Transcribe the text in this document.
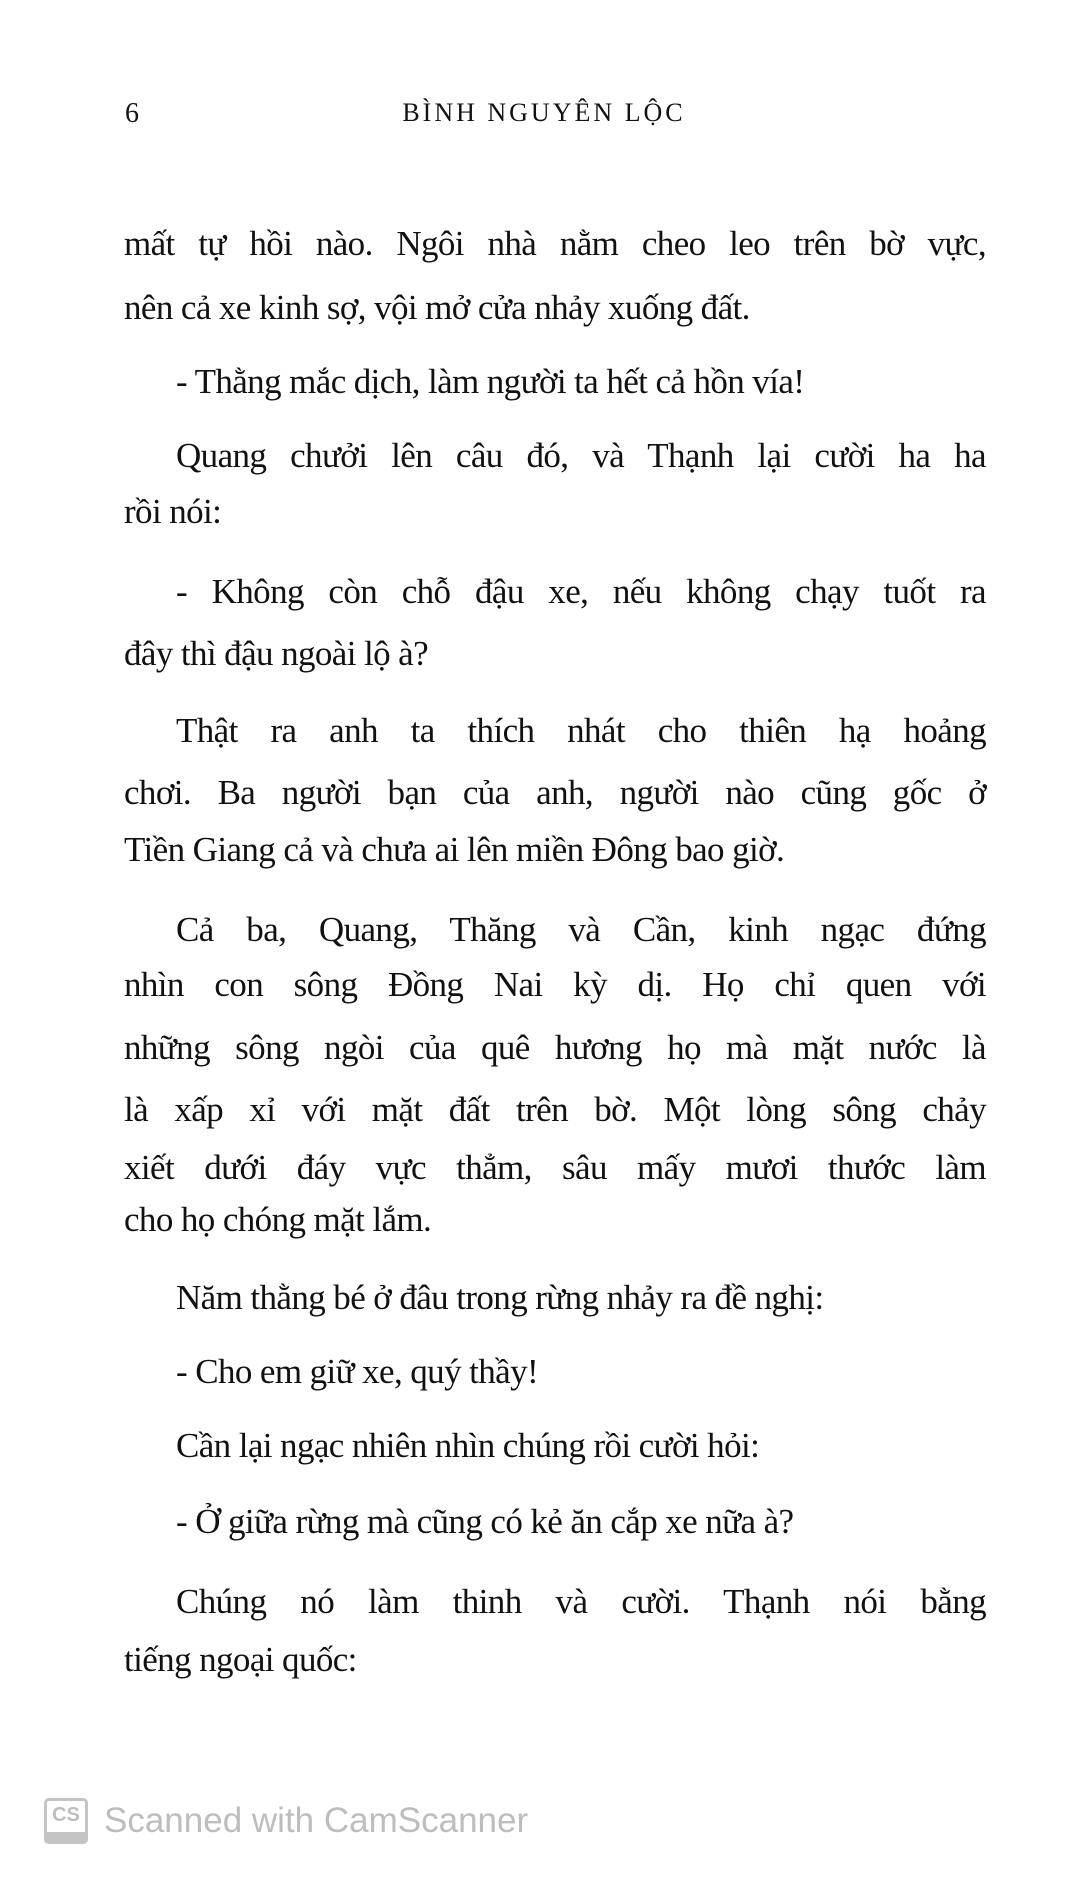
6	BÌNH NGUYÊN LỘC
mất tự hồi nào. Ngôi nhà nằm cheo leo trên bờ vực,
nên cả xe kinh sợ, vội mở cửa nhảy xuống đất.
- Thằng mắc dịch, làm người ta hết cả hồn vía!
Quang chưởi lên câu đó, và Thạnh lại cười ha ha
rồi nói:
- Không còn chỗ đậu xe, nếu không chạy tuốt ra
đây thì đậu ngoài lộ à?
Thật ra anh ta thích nhát cho thiên hạ hoảng
chơi. Ba người bạn của anh, người nào cũng gốc ở
Tiền Giang cả và chưa ai lên miền Đông bao giờ.
Cả ba, Quang, Thăng và Cần, kinh ngạc đứng
nhìn con sông Đồng Nai kỳ dị. Họ chỉ quen với
những sông ngòi của quê hương họ mà mặt nước là
là xấp xỉ với mặt đất trên bờ. Một lòng sông chảy
xiết dưới đáy vực thẳm, sâu mấy mươi thước làm
cho họ chóng mặt lắm.
Năm thằng bé ở đâu trong rừng nhảy ra đề nghị:
- Cho em giữ xe, quý thầy!
Cần lại ngạc nhiên nhìn chúng rồi cười hỏi:
- Ở giữa rừng mà cũng có kẻ ăn cắp xe nữa à?
Chúng nó làm thinh và cười. Thạnh nói bằng
tiếng ngoại quốc:
CS Scanned with CamScanner
